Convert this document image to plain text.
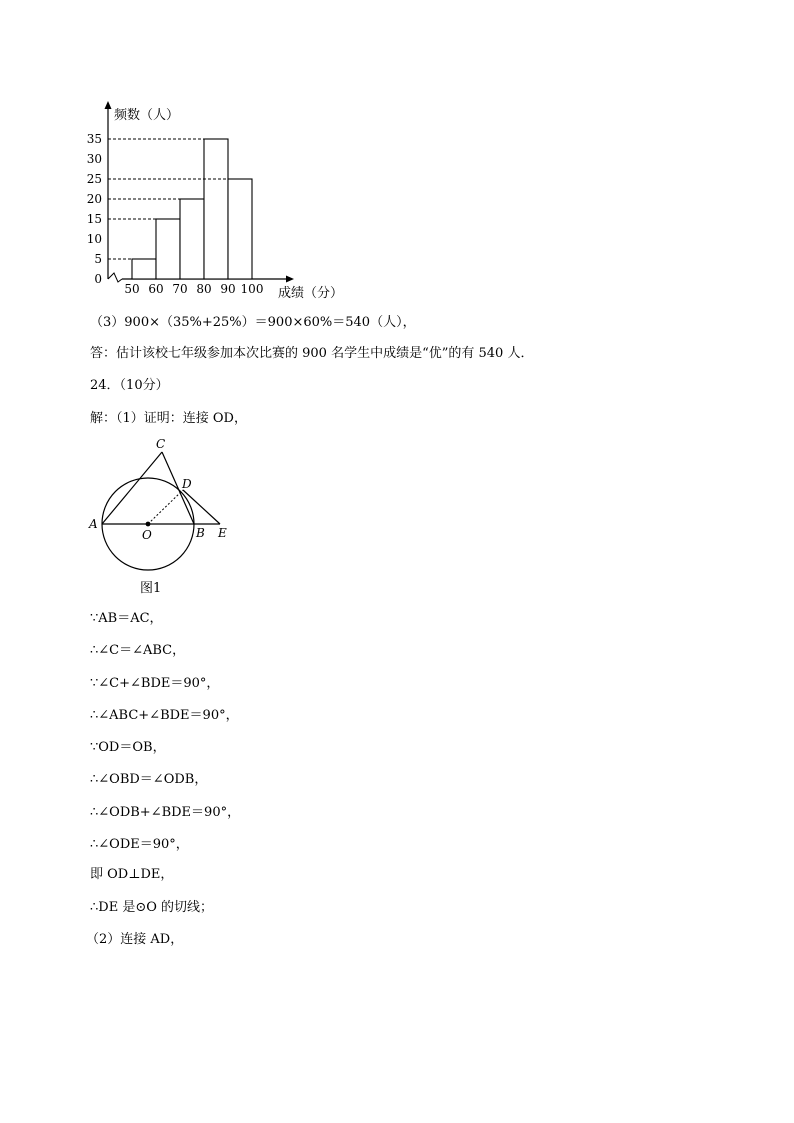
0
5
10
15
20
25
30
35
50 60 70 80 90 100
频数（人）
成绩（分）
（3）900×（35%+25%）＝900×60%＝540（人），
答：估计该校七年级参加本次比赛的 900 名学生中成绩是“优”的有 540 人．
24．（10分）
解：（1）证明：连接 OD，
C
D
A
O	B E
图1
∵AB＝AC，
∴∠C＝∠ABC，
∵∠C+∠BDE＝90°，
∴∠ABC+∠BDE＝90°，
∵OD＝OB，
∴∠OBD＝∠ODB，
∴∠ODB+∠BDE＝90°，
∴∠ODE＝90°，
即 OD⊥DE，
∴DE 是⊙O 的切线；
（2）连接 AD，
